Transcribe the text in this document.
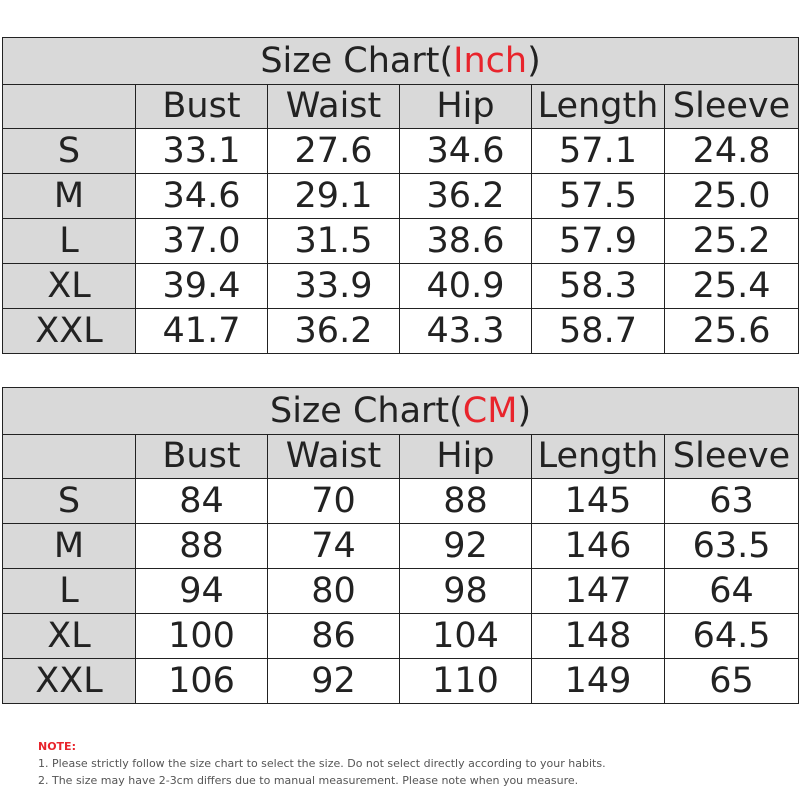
Size Chart(Inch)					
	Bust	Waist	Hip	Length	Sleeve
S	33.1	27.6	34.6	57.1	24.8
M	34.6	29.1	36.2	57.5	25.0
L	37.0	31.5	38.6	57.9	25.2
XL	39.4	33.9	40.9	58.3	25.4
XXL	41.7	36.2	43.3	58.7	25.6
Size Chart(CM)					
	Bust	Waist	Hip	Length	Sleeve
S	84	70	88	145	63
M	88	74	92	146	63.5
L	94	80	98	147	64
XL	100	86	104	148	64.5
XXL	106	92	110	149	65
NOTE:
1. Please strictly follow the size chart to select the size. Do not select directly according to your habits.
2. The size may have 2-3cm differs due to manual measurement. Please note when you measure.
